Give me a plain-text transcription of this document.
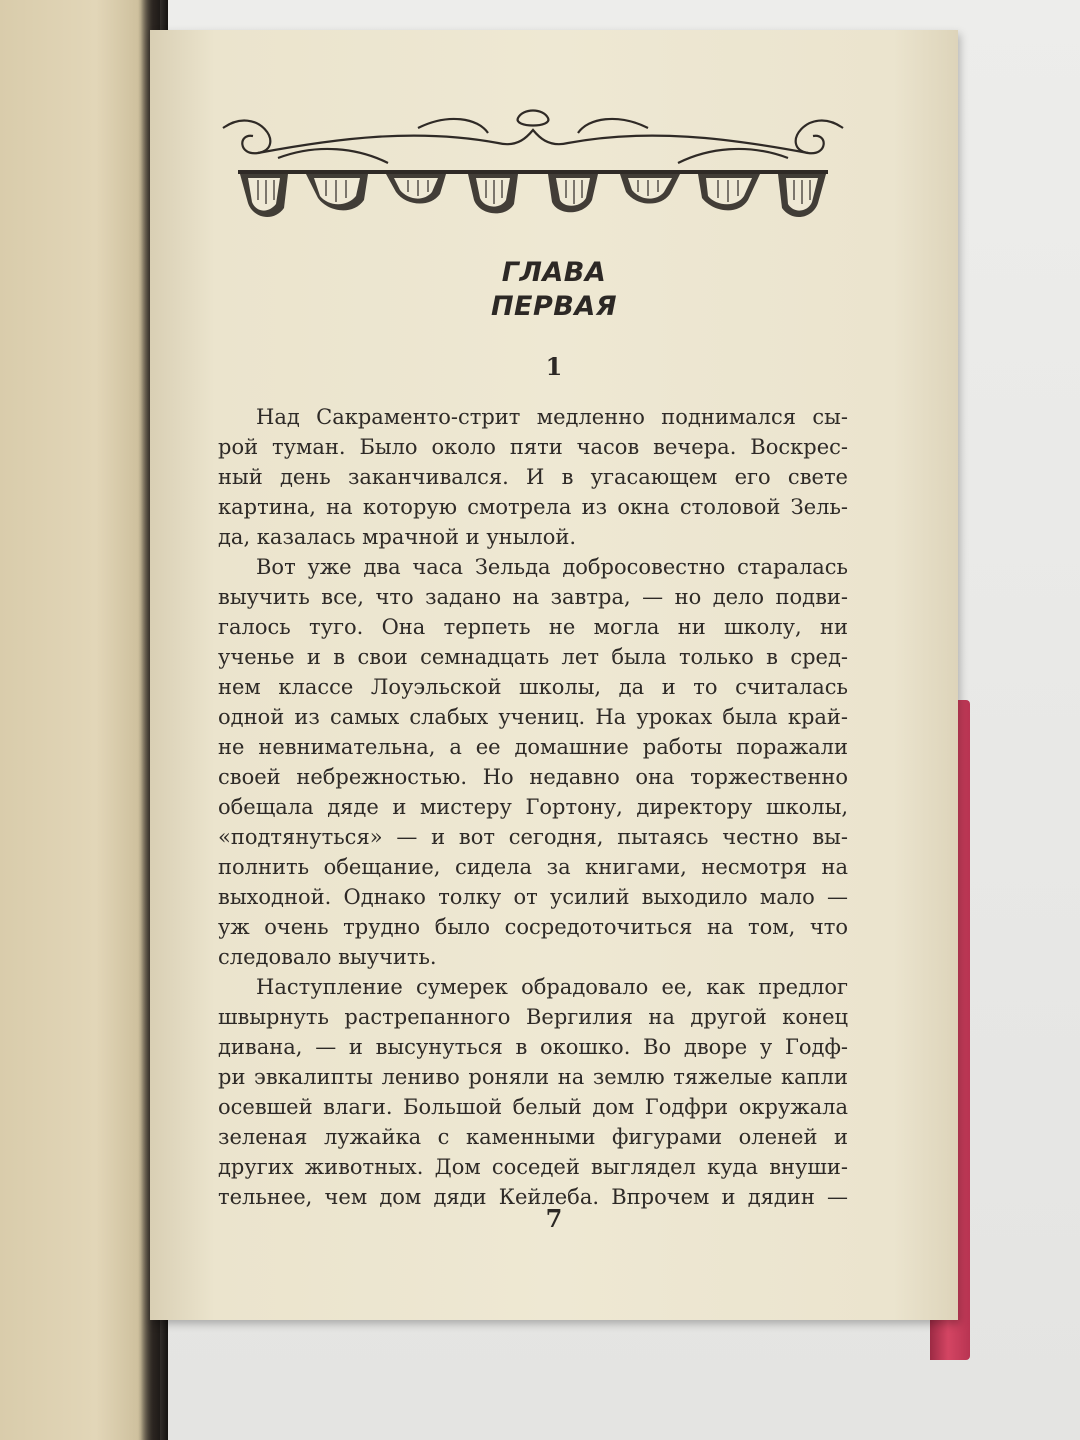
ГЛАВА
ПЕРВАЯ
1
Над Сакраменто-стрит медленно поднимался сы-
рой туман. Было около пяти часов вечера. Воскрес-
ный день заканчивался. И в угасающем его свете
картина, на которую смотрела из окна столовой Зель-
да, казалась мрачной и унылой.
Вот уже два часа Зельда добросовестно старалась
выучить все, что задано на завтра, — но дело подви-
галось туго. Она терпеть не могла ни школу, ни
ученье и в свои семнадцать лет была только в сред-
нем классе Лоуэльской школы, да и то считалась
одной из самых слабых учениц. На уроках была край-
не невнимательна, а ее домашние работы поражали
своей небрежностью. Но недавно она торжественно
обещала дяде и мистеру Гортону, директору школы,
«подтянуться» — и вот сегодня, пытаясь честно вы-
полнить обещание, сидела за книгами, несмотря на
выходной. Однако толку от усилий выходило мало —
уж очень трудно было сосредоточиться на том, что
следовало выучить.
Наступление сумерек обрадовало ее, как предлог
швырнуть растрепанного Вергилия на другой конец
дивана, — и высунуться в окошко. Во дворе у Годф-
ри эвкалипты лениво роняли на землю тяжелые капли
осевшей влаги. Большой белый дом Годфри окружала
зеленая лужайка с каменными фигурами оленей и
других животных. Дом соседей выглядел куда внуши-
тельнее, чем дом дяди Кейлеба. Впрочем и дядин —
7
